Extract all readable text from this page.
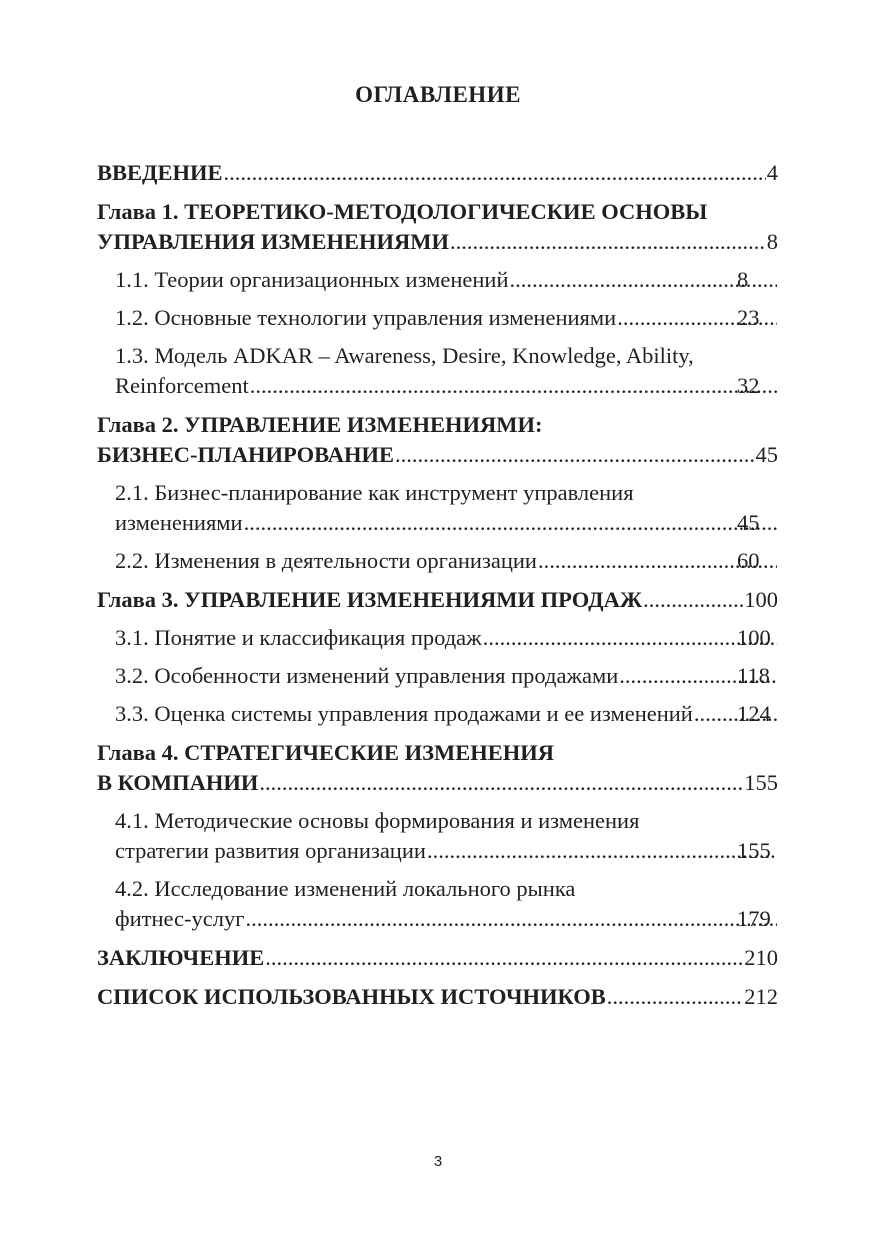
ОГЛАВЛЕНИЕ
ВВЕДЕНИЕ .....	4
Глава 1. ТЕОРЕТИКО-МЕТОДОЛОГИЧЕСКИЕ ОСНОВЫ
УПРАВЛЕНИЯ ИЗМЕНЕНИЯМИ .....	8
1.1. Теории организационных изменений .....	8
1.2. Основные технологии управления изменениями .....	23
1.3. Модель ADKAR – Awareness, Desire, Knowledge, Ability,
Reinforcement .....	32
Глава 2. УПРАВЛЕНИЕ ИЗМЕНЕНИЯМИ:
БИЗНЕС-ПЛАНИРОВАНИЕ .....	45
2.1. Бизнес-планирование как инструмент управления
изменениями .....	45
2.2. Изменения в деятельности организации .....	60
Глава 3. УПРАВЛЕНИЕ ИЗМЕНЕНИЯМИ ПРОДАЖ .....	100
3.1. Понятие и классификация продаж .....	100
3.2. Особенности изменений управления продажами .....	118
3.3. Оценка системы управления продажами и ее изменений ..... 124
Глава 4. СТРАТЕГИЧЕСКИЕ ИЗМЕНЕНИЯ
В КОМПАНИИ .....	155
4.1. Методические основы формирования и изменения
стратегии развития организации .....	155
4.2. Исследование изменений локального рынка
фитнес-услуг .....	179
ЗАКЛЮЧЕНИЕ .....	210
СПИСОК ИСПОЛЬЗОВАННЫХ ИСТОЧНИКОВ .....	212
3
